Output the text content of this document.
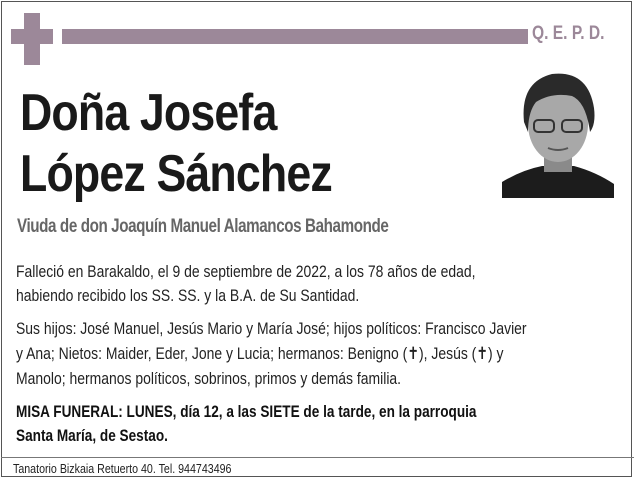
Q. E. P. D.
Doña Josefa
López Sánchez
Viuda de don Joaquín Manuel Alamancos Bahamonde
Falleció en Barakaldo, el 9 de septiembre de 2022, a los 78 años de edad,
habiendo recibido los SS. SS. y la B.A. de Su Santidad.
Sus hijos: José Manuel, Jesús Mario y María José; hijos políticos: Francisco Javier
y Ana; Nietos: Maider, Eder, Jone y Lucia; hermanos: Benigno (✝), Jesús (✝) y
Manolo; hermanos políticos, sobrinos, primos y demás familia.
MISA FUNERAL: LUNES, día 12, a las SIETE de la tarde, en la parroquia
Santa María, de Sestao.
Tanatorio Bizkaia Retuerto 40. Tel. 944743496
